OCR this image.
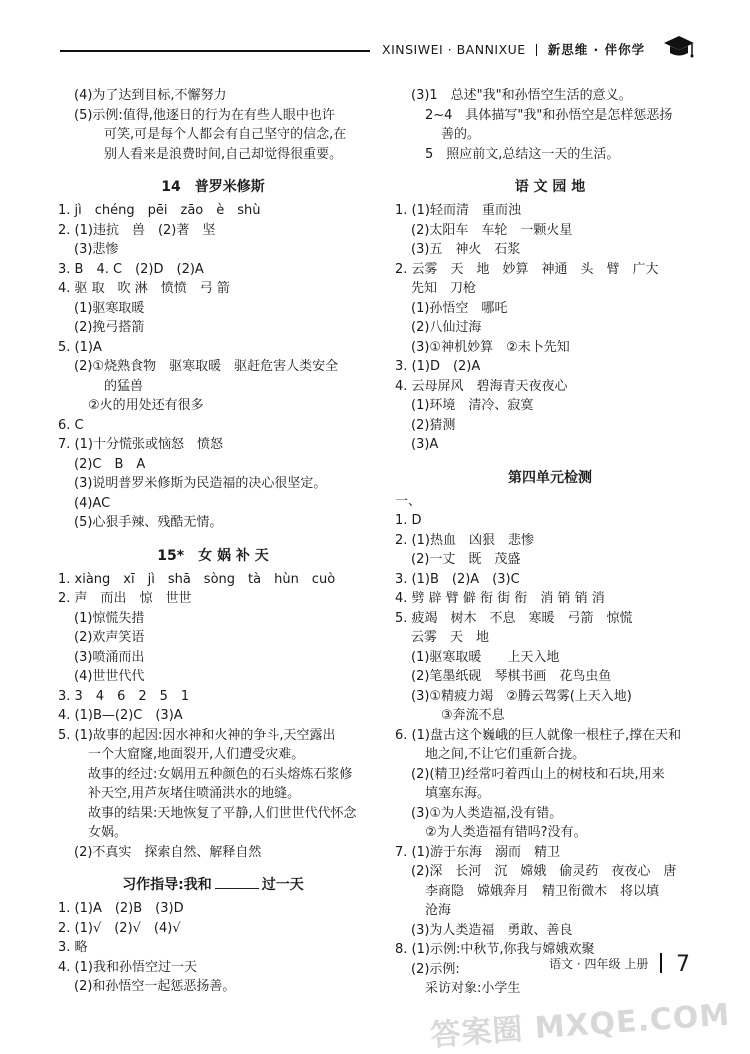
XINSIWEI · BANNIXUE 新思维 · 伴你学
(4)为了达到目标,不懈努力
(5)示例:值得,他逐日的行为在有些人眼中也许
可笑,可是每个人都会有自己坚守的信念,在
别人看来是浪费时间,自己却觉得很重要。
14　普罗米修斯
1. jì　chéng　pēi　zāo　è　shù
2. (1)违抗　兽　(2)著　坚
(3)悲惨
3. B　4. C　(2)D　(2)A
4. 驱 取　吹 淋　愤愤　弓 箭
(1)驱寒取暖
(2)挽弓搭箭
5. (1)A
(2)①烧熟食物　驱寒取暖　驱赶危害人类安全
的猛兽
②火的用处还有很多
6. C
7. (1)十分慌张或恼怒　愤怒
(2)C　B　A
(3)说明普罗米修斯为民造福的决心很坚定。
(4)AC
(5)心狠手辣、残酷无情。
15*　女 娲 补 天
1. xiàng　xī　jì　shā　sòng　tà　hùn　cuò
2. 声　而出　惊　世世
(1)惊慌失措
(2)欢声笑语
(3)喷涌而出
(4)世世代代
3. 3　4　6　2　5　1
4. (1)B—(2)C　(3)A
5. (1)故事的起因:因水神和火神的争斗,天空露出
一个大窟窿,地面裂开,人们遭受灾难。
故事的经过:女娲用五种颜色的石头熔炼石浆修
补天空,用芦灰堵住喷涌洪水的地缝。
故事的结果:天地恢复了平静,人们世世代代怀念
女娲。
(2)不真实　探索自然、解释自然
习作指导:我和	过一天
1. (1)A　(2)B　(3)D
2. (1)√　(2)√　(4)√
3. 略
4. (1)我和孙悟空过一天
(2)和孙悟空一起惩恶扬善。
(3)1　总述"我"和孙悟空生活的意义。
2~4　具体描写"我"和孙悟空是怎样惩恶扬
善的。
5　照应前文,总结这一天的生活。
语 文 园 地
1. (1)轻而清　重而浊
(2)太阳车　车轮　一颗火星
(3)五　神火　石浆
2. 云雾　天　地　妙算　神通　头　臂　广大
先知　刀枪
(1)孙悟空　哪吒
(2)八仙过海
(3)①神机妙算　②未卜先知
3. (1)D　(2)A
4. 云母屏风　碧海青天夜夜心
(1)环境　清冷、寂寞
(2)猜测
(3)A
第四单元检测
一、
1. D
2. (1)热血　凶狠　悲惨
(2)一丈　既　茂盛
3. (1)B　(2)A　(3)C
4. 劈 辟 臂 僻 衔 街 衔　消 销 销 消
5. 疲竭　树木　不息　寒暖　弓箭　惊慌
云雾　天　地
(1)驱寒取暖　　上天入地
(2)笔墨纸砚　琴棋书画　花鸟虫鱼
(3)①精疲力竭　②腾云驾雾(上天入地)
③奔流不息
6. (1)盘古这个巍峨的巨人就像一根柱子,撑在天和
地之间,不让它们重新合拢。
(2)(精卫)经常叼着西山上的树枝和石块,用来
填塞东海。
(3)①为人类造福,没有错。
②为人类造福有错吗?没有。
7. (1)游于东海　溺而　精卫
(2)深　长河　沉　嫦娥　偷灵药　夜夜心　唐
李商隐　嫦娥奔月　精卫衔微木　将以填
沧海
(3)为人类造福　勇敢、善良
8. (1)示例:中秋节,你我与嫦娥欢聚
(2)示例:
采访对象:小学生
语文 · 四年级 上册 7
答案圈 MXQE.COM
